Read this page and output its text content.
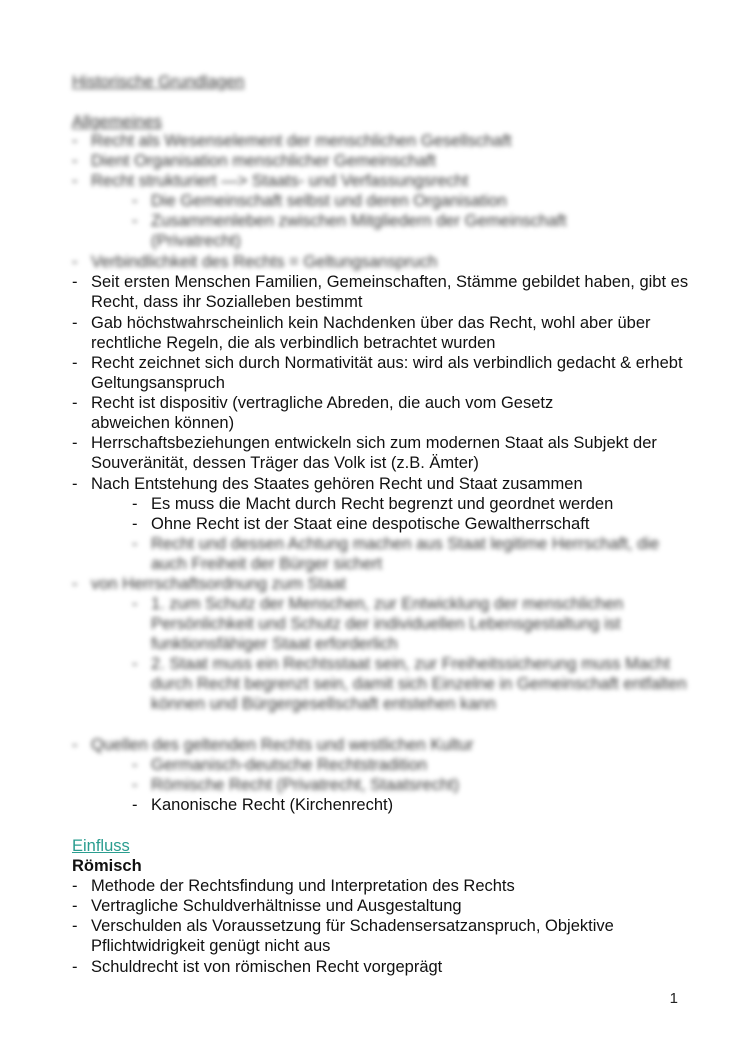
Historische Grundlagen
Allgemeines
- Recht als Wesenselement der menschlichen Gesellschaft
- Dient Organisation menschlicher Gemeinschaft
- Recht strukturiert —> Staats- und Verfassungsrecht
- Die Gemeinschaft selbst und deren Organisation
- Zusammenleben zwischen Mitgliedern der Gemeinschaft (Privatrecht)
- Verbindlichkeit des Rechts = Geltungsanspruch
- Seit ersten Menschen Familien, Gemeinschaften, Stämme gebildet haben, gibt es Recht, dass ihr Sozialleben bestimmt
- Gab höchstwahrscheinlich kein Nachdenken über das Recht, wohl aber über rechtliche Regeln, die als verbindlich betrachtet wurden
- Recht zeichnet sich durch Normativität aus: wird als verbindlich gedacht & erhebt Geltungsanspruch
- Recht ist dispositiv (vertragliche Abreden, die auch vom Gesetz abweichen können)
- Herrschaftsbeziehungen entwickeln sich zum modernen Staat als Subjekt der Souveränität, dessen Träger das Volk ist (z.B. Ämter)
- Nach Entstehung des Staates gehören Recht und Staat zusammen
- Es muss die Macht durch Recht begrenzt und geordnet werden
- Ohne Recht ist der Staat eine despotische Gewaltherrschaft
- Recht und dessen Achtung machen aus Staat legitime Herrschaft, die auch Freiheit der Bürger sichert
- von Herrschaftsordnung zum Staat
- 1. zum Schutz der Menschen, zur Entwicklung der menschlichen Persönlichkeit und Schutz der individuellen Lebensgestaltung ist funktionsfähiger Staat erforderlich
- 2. Staat muss ein Rechtsstaat sein, zur Freiheitssicherung muss Macht durch Recht begrenzt sein, damit sich Einzelne in Gemeinschaft entfalten können und Bürgergesellschaft entstehen kann
- Quellen des geltenden Rechts und westlichen Kultur
- Germanisch-deutsche Rechtstradition
- Römische Recht (Privatrecht, Staatsrecht)
- Kanonische Recht (Kirchenrecht)
Einfluss
Römisch
- Methode der Rechtsfindung und Interpretation des Rechts
- Vertragliche Schuldverhältnisse und Ausgestaltung
- Verschulden als Voraussetzung für Schadensersatzanspruch, Objektive Pflichtwidrigkeit genügt nicht aus
- Schuldrecht ist von römischen Recht vorgeprägt
1
